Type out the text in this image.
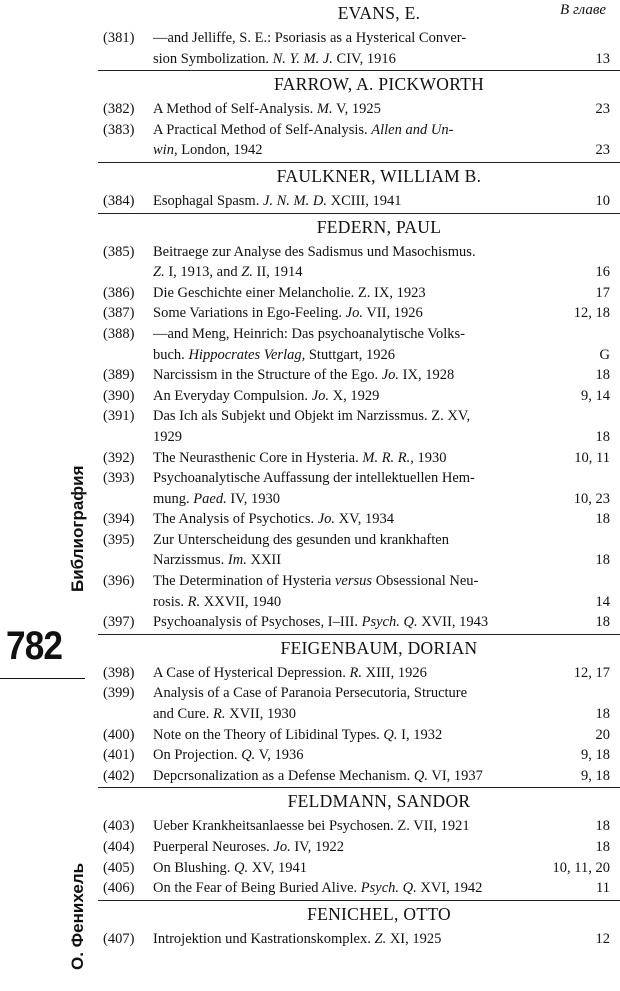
Библиография
782
О. Фенихель
В главе
EVANS, E.
(381) —and Jelliffe, S. E.: Psoriasis as a Hysterical Conver-
sion Symbolization. N. Y. M. J. CIV, 1916	13
FARROW, A. PICKWORTH
(382) A Method of Self-Analysis. M. V, 1925	23
(383) A Practical Method of Self-Analysis. Allen and Un-
win, London, 1942	23
FAULKNER, WILLIAM B.
(384) Esophagal Spasm. J. N. M. D. XCIII, 1941	10
FEDERN, PAUL
(385) Beitraege zur Analyse des Sadismus und Masochismus.
Z. I, 1913, and Z. II, 1914	16
(386) Die Geschichte einer Melancholie. Z. IX, 1923	17
(387) Some Variations in Ego-Feeling. Jo. VII, 1926	12, 18
(388) —and Meng, Heinrich: Das psychoanalytische Volks-
buch. Hippocrates Verlag, Stuttgart, 1926	G
(389) Narcissism in the Structure of the Ego. Jo. IX, 1928	18
(390) An Everyday Compulsion. Jo. X, 1929	9, 14
(391) Das Ich als Subjekt und Objekt im Narzissmus. Z. XV,
1929	18
(392) The Neurasthenic Core in Hysteria. M. R. R., 1930	10, 11
(393) Psychoanalytische Auffassung der intellektuellen Hem-
mung. Paed. IV, 1930	10, 23
(394) The Analysis of Psychotics. Jo. XV, 1934	18
(395) Zur Unterscheidung des gesunden und krankhaften
Narzissmus. Im. XXII	18
(396) The Determination of Hysteria versus Obsessional Neu-
rosis. R. XXVII, 1940	14
(397) Psychoanalysis of Psychoses, I–III. Psych. Q. XVII, 1943	18
FEIGENBAUM, DORIAN
(398) A Case of Hysterical Depression. R. XIII, 1926	12, 17
(399) Analysis of a Case of Paranoia Persecutoria, Structure
and Cure. R. XVII, 1930	18
(400) Note on the Theory of Libidinal Types. Q. I, 1932	20
(401) On Projection. Q. V, 1936	9, 18
(402) Depcrsonalization as a Defense Mechanism. Q. VI, 1937	9, 18
FELDMANN, SANDOR
(403) Ueber Krankheitsanlaesse bei Psychosen. Z. VII, 1921	18
(404) Puerperal Neuroses. Jo. IV, 1922	18
(405) On Blushing. Q. XV, 1941	10, 11, 20
(406) On the Fear of Being Buried Alive. Psych. Q. XVI, 1942	11
FENICHEL, OTTO
(407) Introjektion und Kastrationskomplex. Z. XI, 1925	12
